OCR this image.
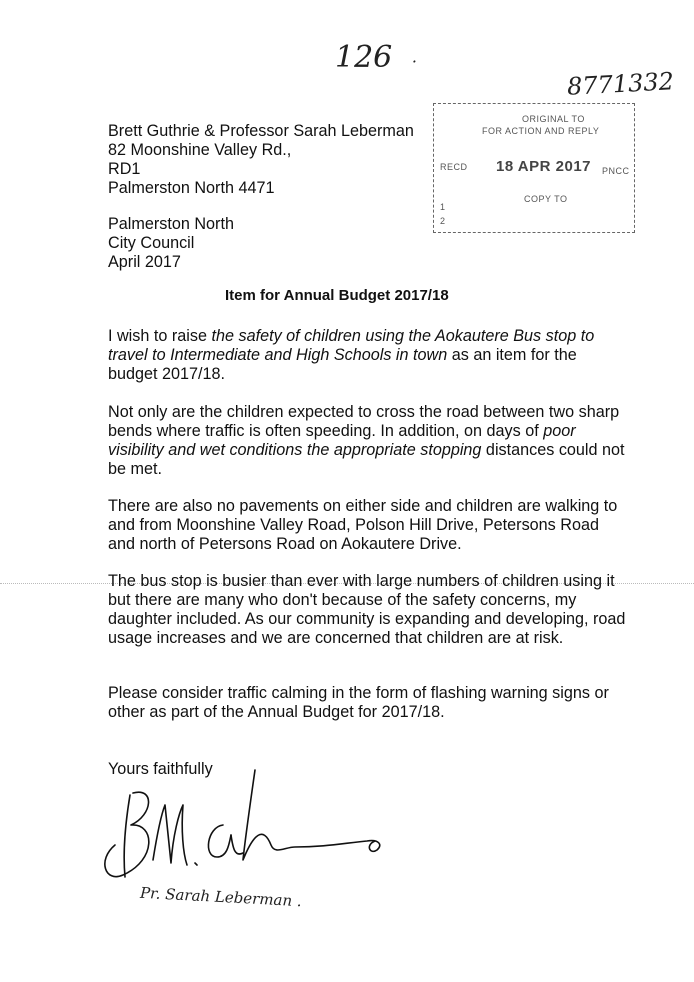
126 ·
8771332
ORIGINAL TO
FOR ACTION AND REPLY
RECD 18 APR 2017 PNCC
COPY TO
1
2
Brett Guthrie & Professor Sarah Leberman
82 Moonshine Valley Rd.,
RD1
Palmerston North 4471
Palmerston North
City Council
April 2017
Item for Annual Budget 2017/18
I wish to raise the safety of children using the Aokautere Bus stop to travel to Intermediate and High Schools in town as an item for the budget 2017/18.
Not only are the children expected to cross the road between two sharp bends where traffic is often speeding. In addition, on days of poor visibility and wet conditions the appropriate stopping distances could not be met.
There are also no pavements on either side and children are walking to and from Moonshine Valley Road, Polson Hill Drive, Petersons Road and north of Petersons Road on Aokautere Drive.
The bus stop is busier than ever with large numbers of children using it but there are many who don't because of the safety concerns, my daughter included. As our community is expanding and developing, road usage increases and we are concerned that children are at risk.
Please consider traffic calming in the form of flashing warning signs or other as part of the Annual Budget for 2017/18.
Yours faithfully
Pr. Sarah Leberman .
